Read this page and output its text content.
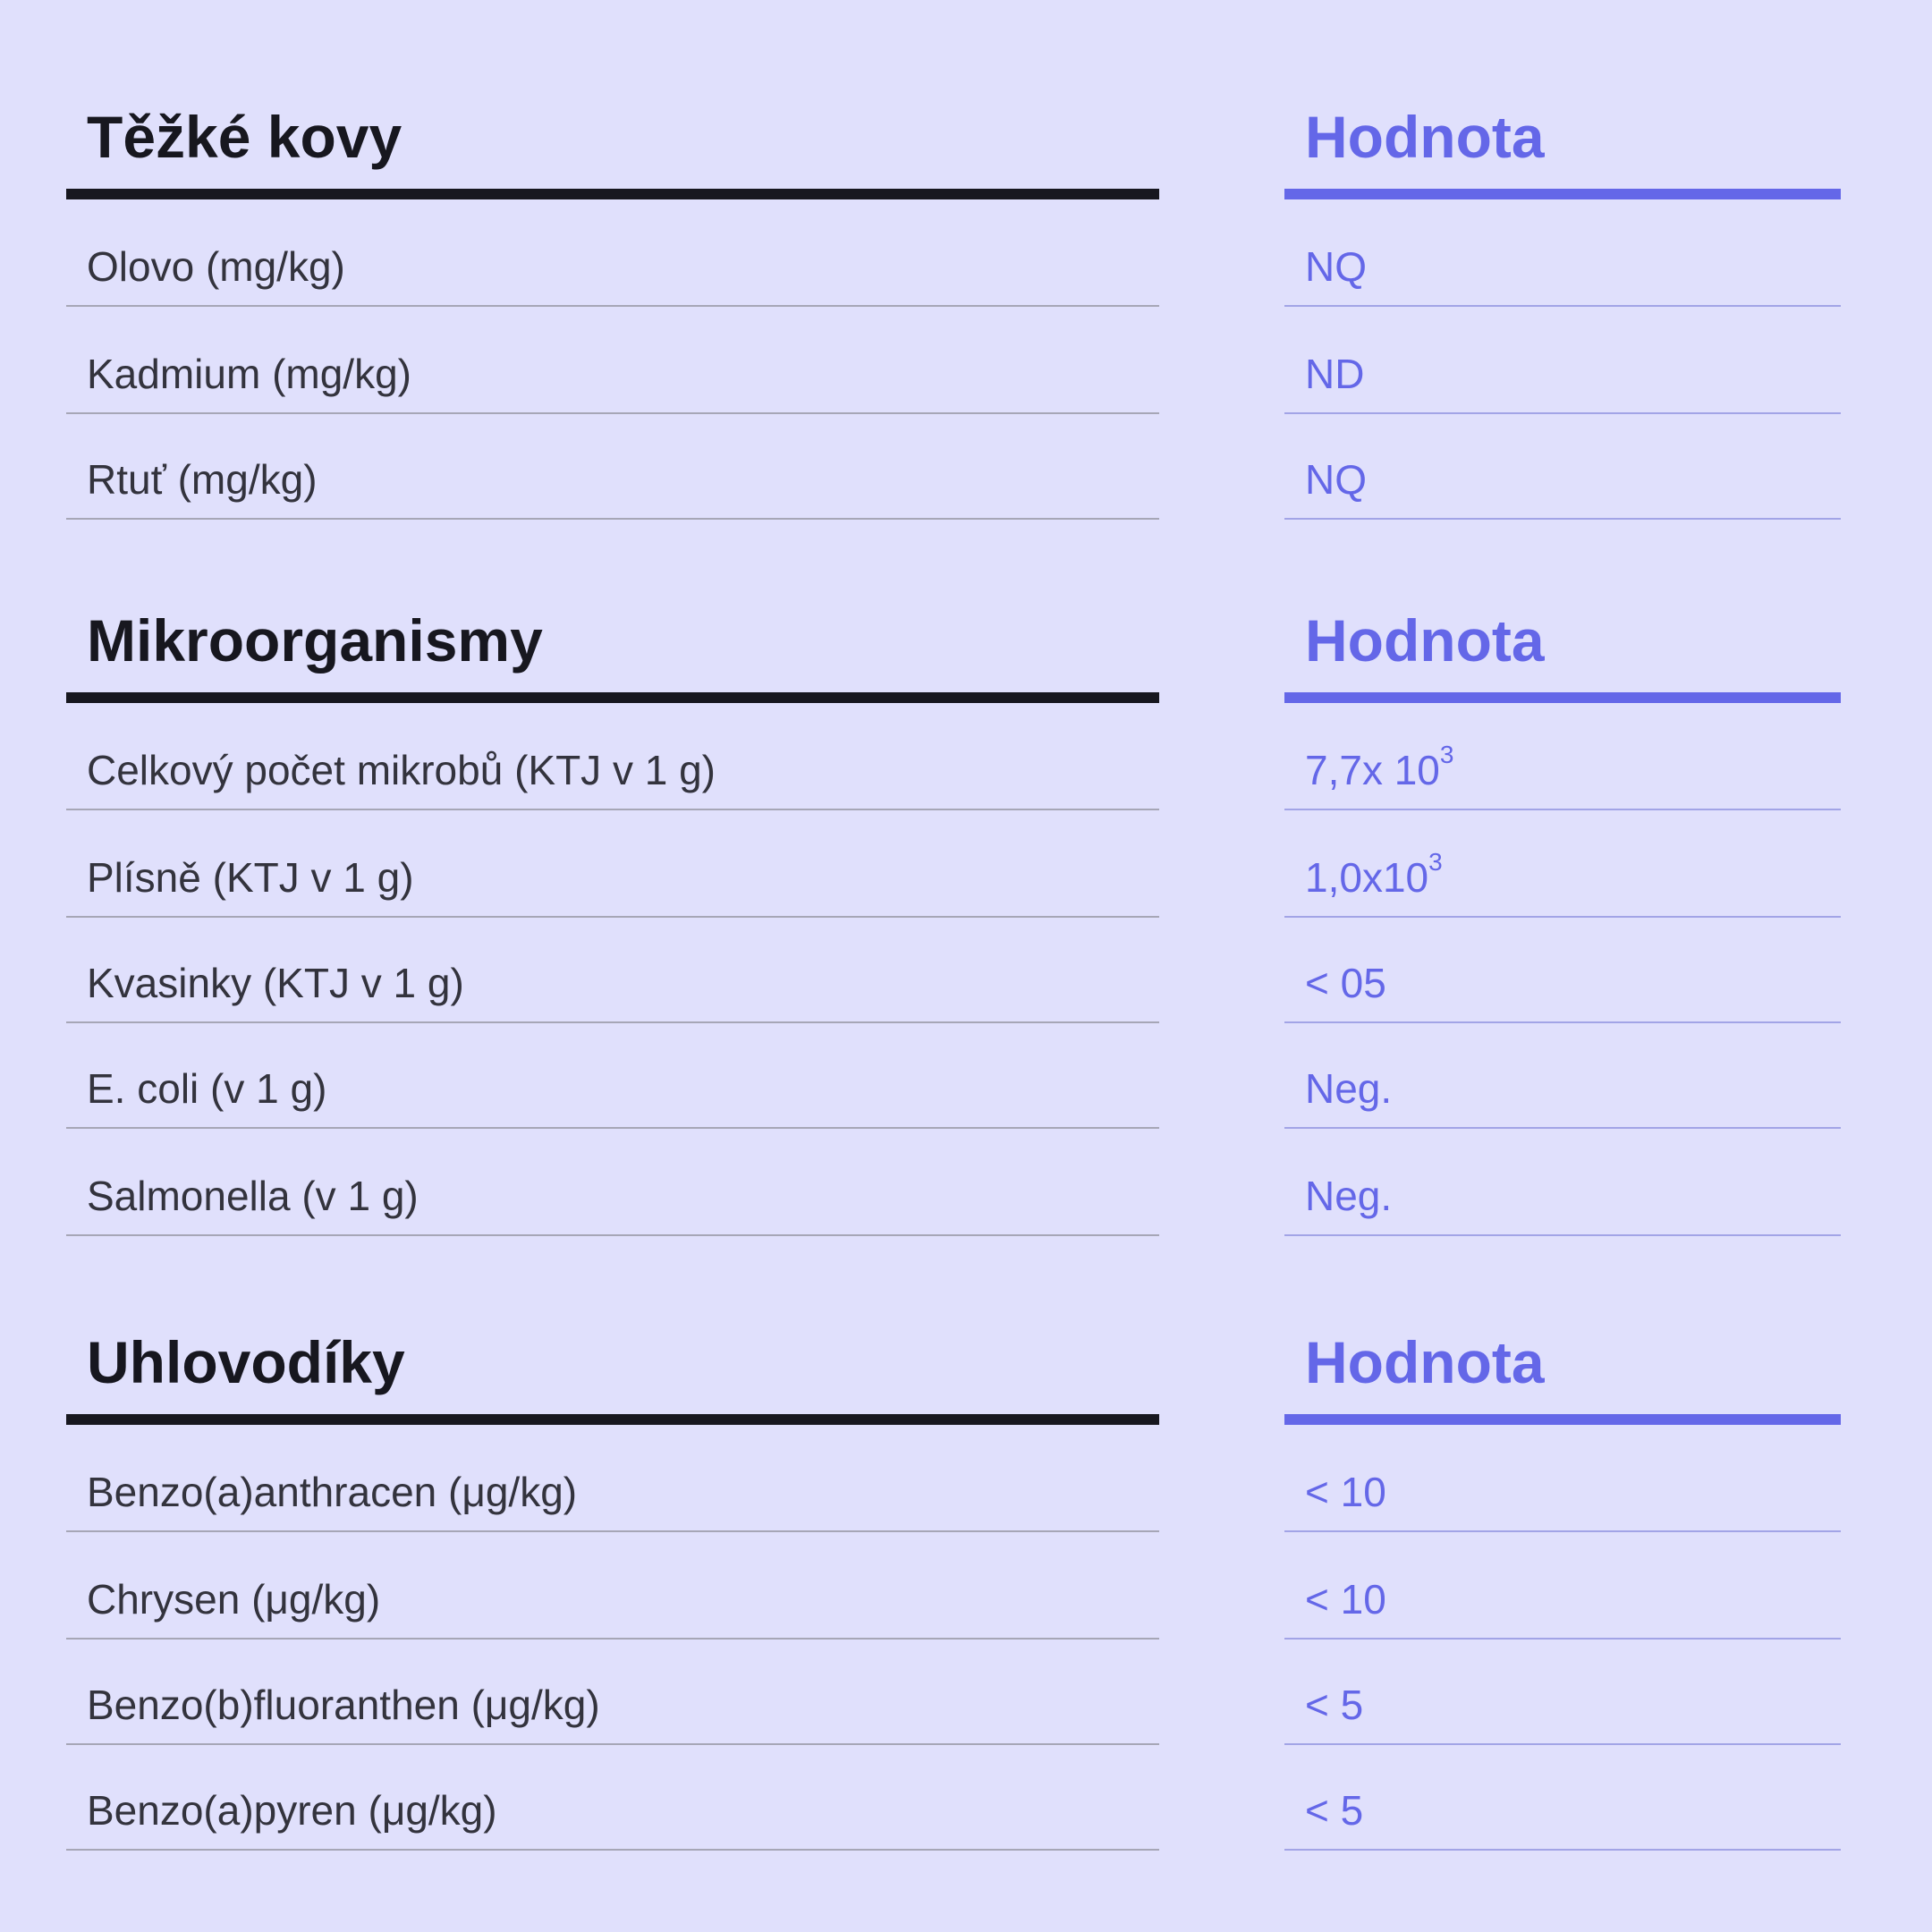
Těžké kovy
Olovo (mg/kg)
Kadmium (mg/kg)
Rtuť (mg/kg)
Hodnota
NQ
ND
NQ
Mikroorganismy
Celkový počet mikrobů (KTJ v 1 g)
Plísně (KTJ v 1 g)
Kvasinky (KTJ v 1 g)
E. coli (v 1 g)
Salmonella (v 1 g)
Hodnota
7,7x $10^3$
$1,0x10^3$
< 05
Neg.
Neg.
Uhlovodíky
Benzo(a)anthracen (μg/kg)
Chrysen (μg/kg)
Benzo(b)fluoranthen (μg/kg)
Benzo(a)pyren (μg/kg)
Hodnota
< 10
< 10
< 5
< 5
